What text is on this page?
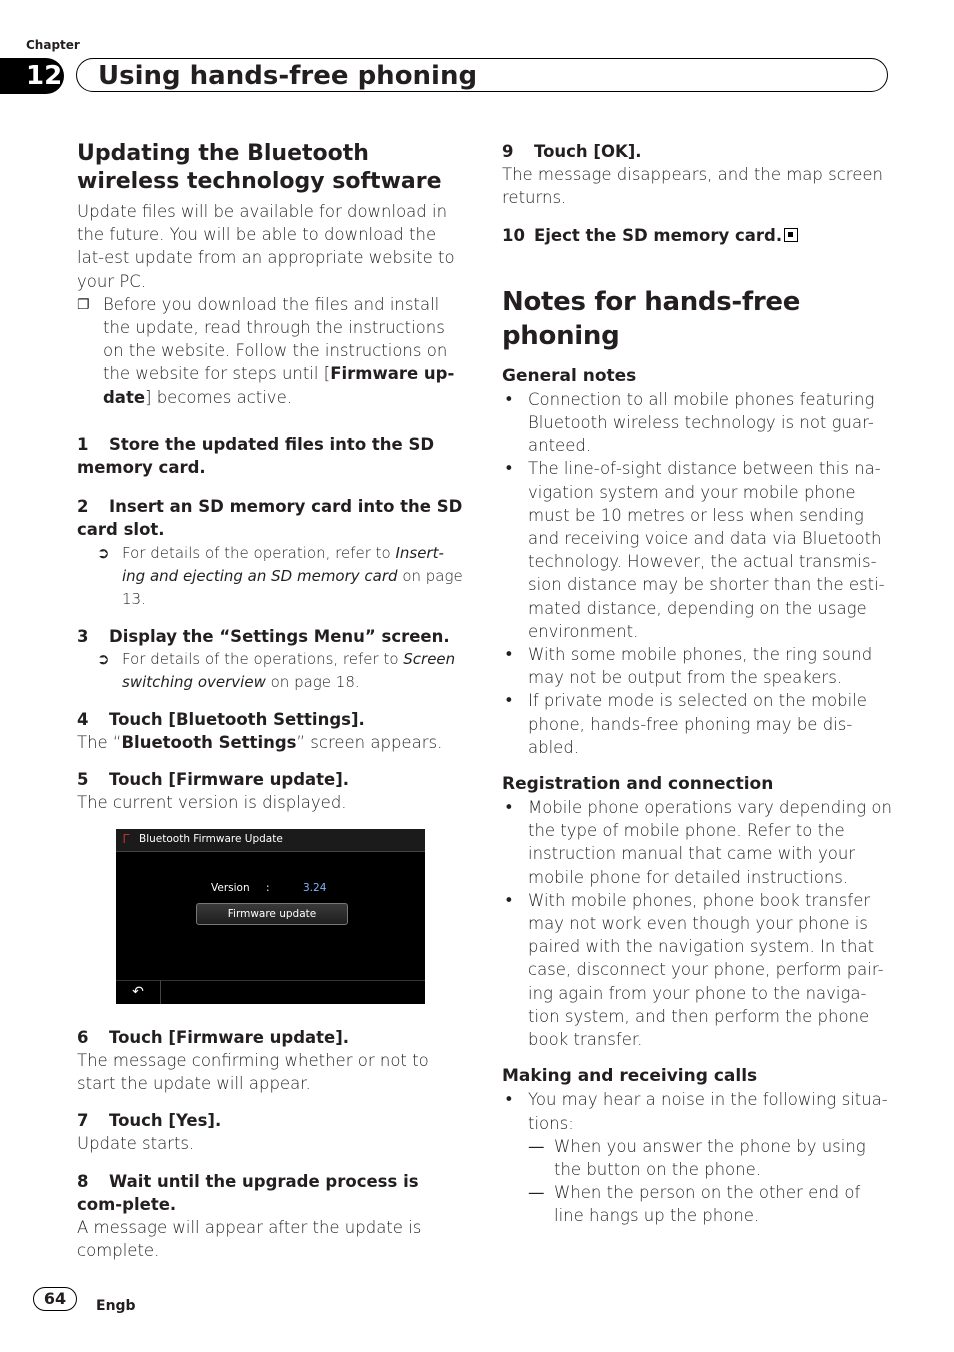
Chapter
12 Using hands-free phoning
Updating the Bluetooth wireless technology software

Update files will be available for download in the future. You will be able to download the lat-est update from an appropriate website to your PC.

❐ Before you download the files and install the update, read through the instructions on the website. Follow the instructions on the website for steps until [Firmware up-date] becomes active.

1 Store the updated files into the SD memory card.

2 Insert an SD memory card into the SD card slot.

➲ For details of the operation, refer to Insert-ing and ejecting an SD memory card on page 13.

3 Display the “Settings Menu” screen.

➲ For details of the operations, refer to Screen switching overview on page 18.

4 Touch [Bluetooth Settings].

The “Bluetooth Settings” screen appears.

5 Touch [Firmware update].

The current version is displayed.

Ꮁ Bluetooth Firmware Update
Version :	3.24
Firmware update
↶

6 Touch [Firmware update].

The message confirming whether or not to start the update will appear.

7 Touch [Yes].

Update starts.

8 Wait until the upgrade process is com-plete.

A message will appear after the update is complete.

9 Touch [OK].

The message disappears, and the map screen returns.

10 Eject the SD memory card.

Notes for hands-free phoning
General notes
• Connection to all mobile phones featuring Bluetooth wireless technology is not guar-anteed.
• The line-of-sight distance between this na-vigation system and your mobile phone must be 10 metres or less when sending and receiving voice and data via Bluetooth technology. However, the actual transmis-sion distance may be shorter than the esti-mated distance, depending on the usage environment.
• With some mobile phones, the ring sound may not be output from the speakers.
• If private mode is selected on the mobile phone, hands-free phoning may be dis-abled.
Registration and connection
• Mobile phone operations vary depending on the type of mobile phone. Refer to the instruction manual that came with your mobile phone for detailed instructions.
• With mobile phones, phone book transfer may not work even though your phone is paired with the navigation system. In that case, disconnect your phone, perform pair-ing again from your phone to the naviga-tion system, and then perform the phone book transfer.
Making and receiving calls
• You may hear a noise in the following situa-tions:
— When you answer the phone by using the button on the phone.
— When the person on the other end of line hangs up the phone.
64	Engb
